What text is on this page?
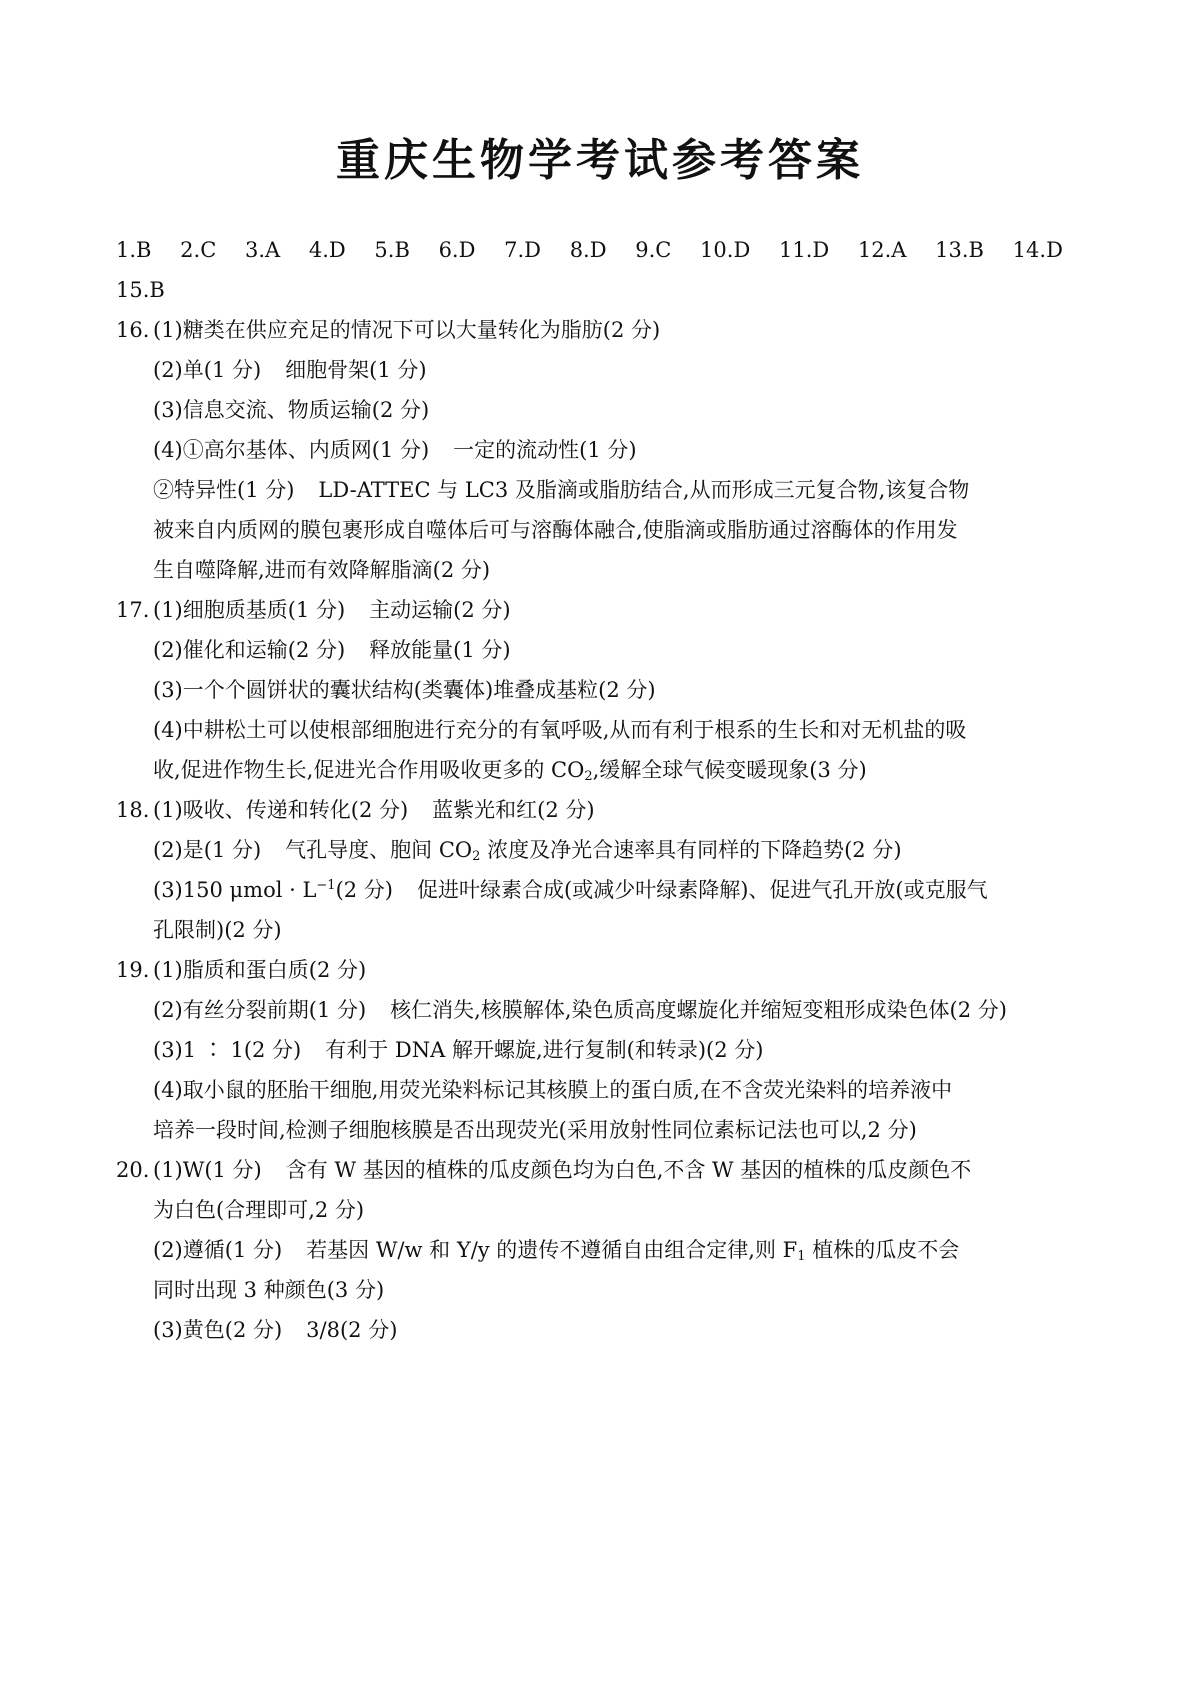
重庆生物学考试参考答案
1.B 2.C 3.A 4.D 5.B 6.D 7.D 8.D 9.C 10.D 11.D 12.A 13.B 14.D
15.B
16. (1)糖类在供应充足的情况下可以大量转化为脂肪(2 分)
(2)单(1 分) 细胞骨架(1 分)
(3)信息交流、物质运输(2 分)
(4)①高尔基体、内质网(1 分) 一定的流动性(1 分)
②特异性(1 分) LD-ATTEC 与 LC3 及脂滴或脂肪结合,从而形成三元复合物,该复合物
被来自内质网的膜包裹形成自噬体后可与溶酶体融合,使脂滴或脂肪通过溶酶体的作用发
生自噬降解,进而有效降解脂滴(2 分)
17. (1)细胞质基质(1 分) 主动运输(2 分)
(2)催化和运输(2 分) 释放能量(1 分)
(3)一个个圆饼状的囊状结构(类囊体)堆叠成基粒(2 分)
(4)中耕松土可以使根部细胞进行充分的有氧呼吸,从而有利于根系的生长和对无机盐的吸
收,促进作物生长,促进光合作用吸收更多的 $CO_2$,缓解全球气候变暖现象(3 分)
18. (1)吸收、传递和转化(2 分) 蓝紫光和红(2 分)
(2)是(1 分) 气孔导度、胞间 $CO_2$ 浓度及净光合速率具有同样的下降趋势(2 分)
(3)150 $\mu mol \cdot L^{-1}(2$ 分) 促进叶绿素合成(或减少叶绿素降解)、促进气孔开放(或克服气
孔限制)(2 分)
19. (1)脂质和蛋白质(2 分)
(2)有丝分裂前期(1 分) 核仁消失,核膜解体,染色质高度螺旋化并缩短变粗形成染色体(2 分)
(3)1 ∶ 1(2 分) 有利于 DNA 解开螺旋,进行复制(和转录)(2 分)
(4)取小鼠的胚胎干细胞,用荧光染料标记其核膜上的蛋白质,在不含荧光染料的培养液中
培养一段时间,检测子细胞核膜是否出现荧光(采用放射性同位素标记法也可以,2 分)
20. (1)W(1 分) 含有 W 基因的植株的瓜皮颜色均为白色,不含 W 基因的植株的瓜皮颜色不
为白色(合理即可,2 分)
(2)遵循(1 分) 若基因 W/w 和 Y/y 的遗传不遵循自由组合定律,则 $F_1$ 植株的瓜皮不会
同时出现 3 种颜色(3 分)
(3)黄色(2 分) 3/8(2 分)
